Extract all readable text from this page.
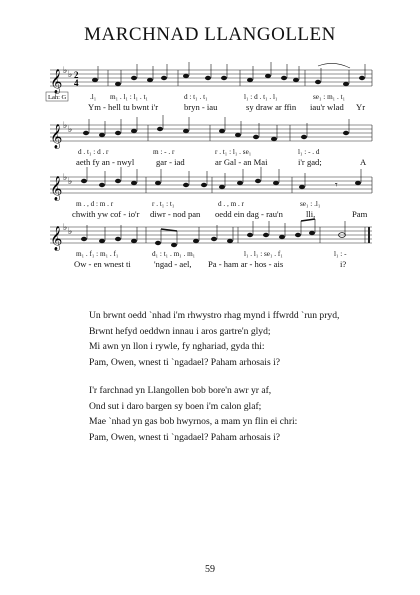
MARCHNAD LLANGOLLEN
𝄞 ♭ ♭ 2
4
Lah: G	.l₁ m₁ . l₁ : l₁ . t₁	d : t₁ . t₁	l₁ : d . t₁ . l₁	se₁ : m₁ . t₁
Ym - hell tu bwnt i'r	bryn - iau	sy draw ar ffin iau'r wlad Yr
𝄞 ♭ ♭
d . t₁ : d . r	m : - . r	r . t₁ : l₁ . se₁	l₁ : - . d
aeth fy an - nwyl	gar - iad	ar Gal - an Mai	i'r gad;	A
𝄞 ♭ ♭	𝄾
m . , d : m . r	r . t₁ : t₁	d . , m . r	se₁ : .l₁
chwith yw cof - io'r diwr - nod pan oedd ein dag - rau'n	lli,	Pam
𝄞 ♭ ♭
m₁ . f₁ : m₁ . f₁	d₁ : t₁ . m₁ . m₁	l₁ . l₁ : se₁ . f₁	l₁ : -
Ow - en wnest ti	'ngad - ael, Pa - ham ar - hos - ais	i?
Un brwnt oedd `nhad i'm rhwystro rhag mynd i ffwrdd `run pryd,
Brwnt hefyd oeddwn innau i aros gartre'n glyd;
Mi awn yn llon i rywle, fy nghariad, gyda thi:
Pam, Owen, wnest ti `ngadael? Paham arhosais i?
I'r farchnad yn Llangollen bob bore'n awr yr af,
Ond sut i daro bargen sy boen i'm calon glaf;
Mae `nhad yn gas bob hwyrnos, a mam yn flin ei chri:
Pam, Owen, wnest ti `ngadael? Paham arhosais i?
59
